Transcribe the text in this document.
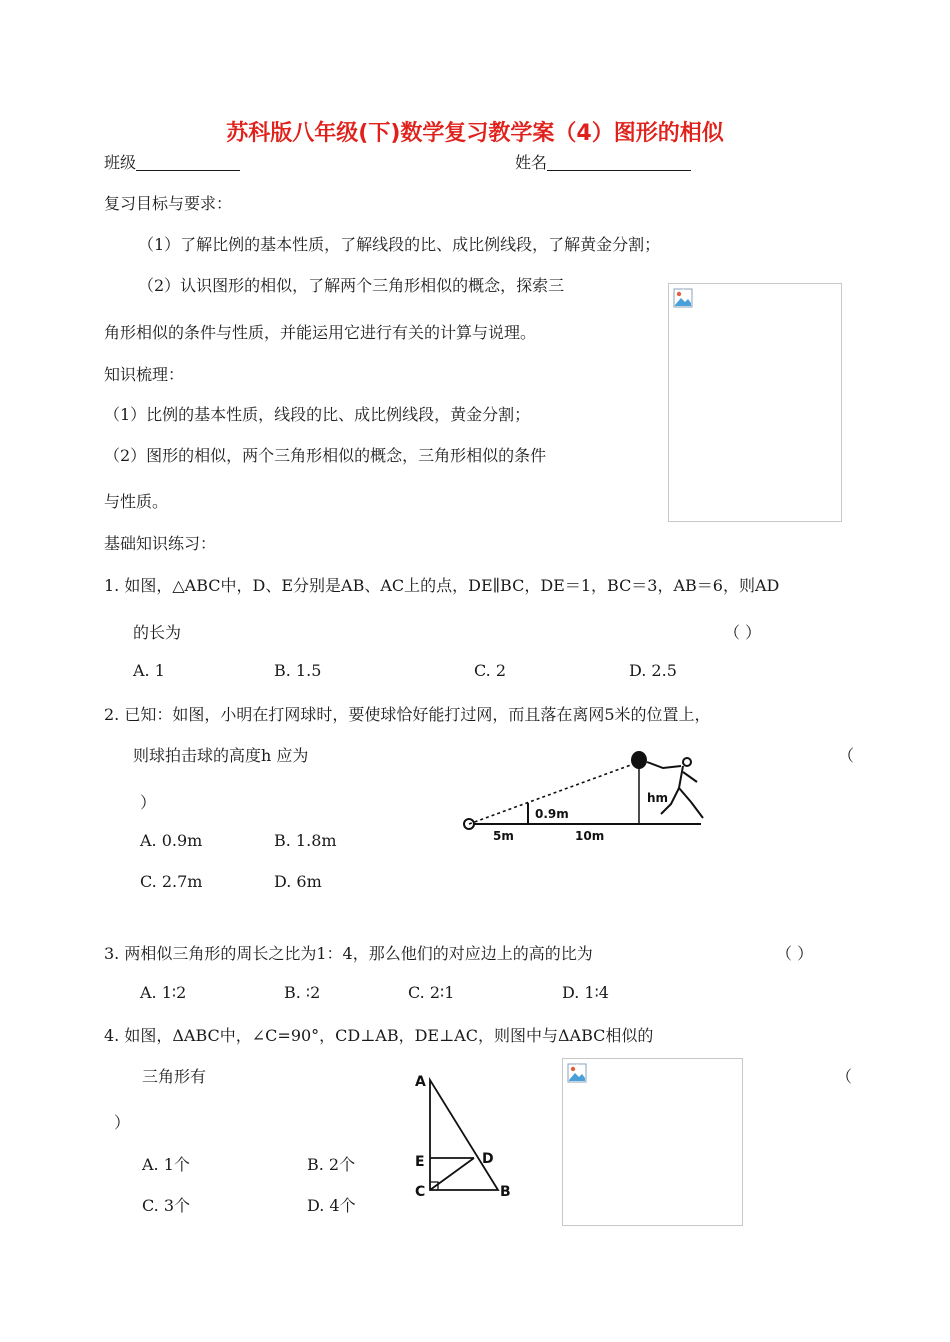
苏科版八年级(下)数学复习教学案（4）图形的相似
班级	姓名
复习目标与要求：
（1）了解比例的基本性质，了解线段的比、成比例线段，了解黄金分割；
（2）认识图形的相似，了解两个三角形相似的概念，探索三
角形相似的条件与性质，并能运用它进行有关的计算与说理。
知识梳理：
（1）比例的基本性质，线段的比、成比例线段，黄金分割；
（2）图形的相似，两个三角形相似的概念，三角形相似的条件
与性质。
基础知识练习：
1. 如图，△ABC中，D、E分别是AB、AC上的点，DE∥BC，DE＝1，BC＝3，AB＝6，则AD
的长为	（ ）
A. 1	B. 1.5	C. 2	D. 2.5
2. 已知：如图，小明在打网球时，要使球恰好能打过网，而且落在离网5米的位置上，
则球拍击球的高度h 应为	（
）
A. 0.9m	B. 1.8m
C. 2.7m	D. 6m
0.9m
hm
5m	10m
3. 两相似三角形的周长之比为1：4，那么他们的对应边上的高的比为	（ ）
A. 1∶2	B. ∶2	C. 2∶1	D. 1∶4
4. 如图，ΔABC中，∠C=90°，CD⊥AB，DE⊥AC，则图中与ΔABC相似的
三角形有	（
）
A. 1个	B. 2个
C. 3个	D. 4个
A
E
C
D
B
